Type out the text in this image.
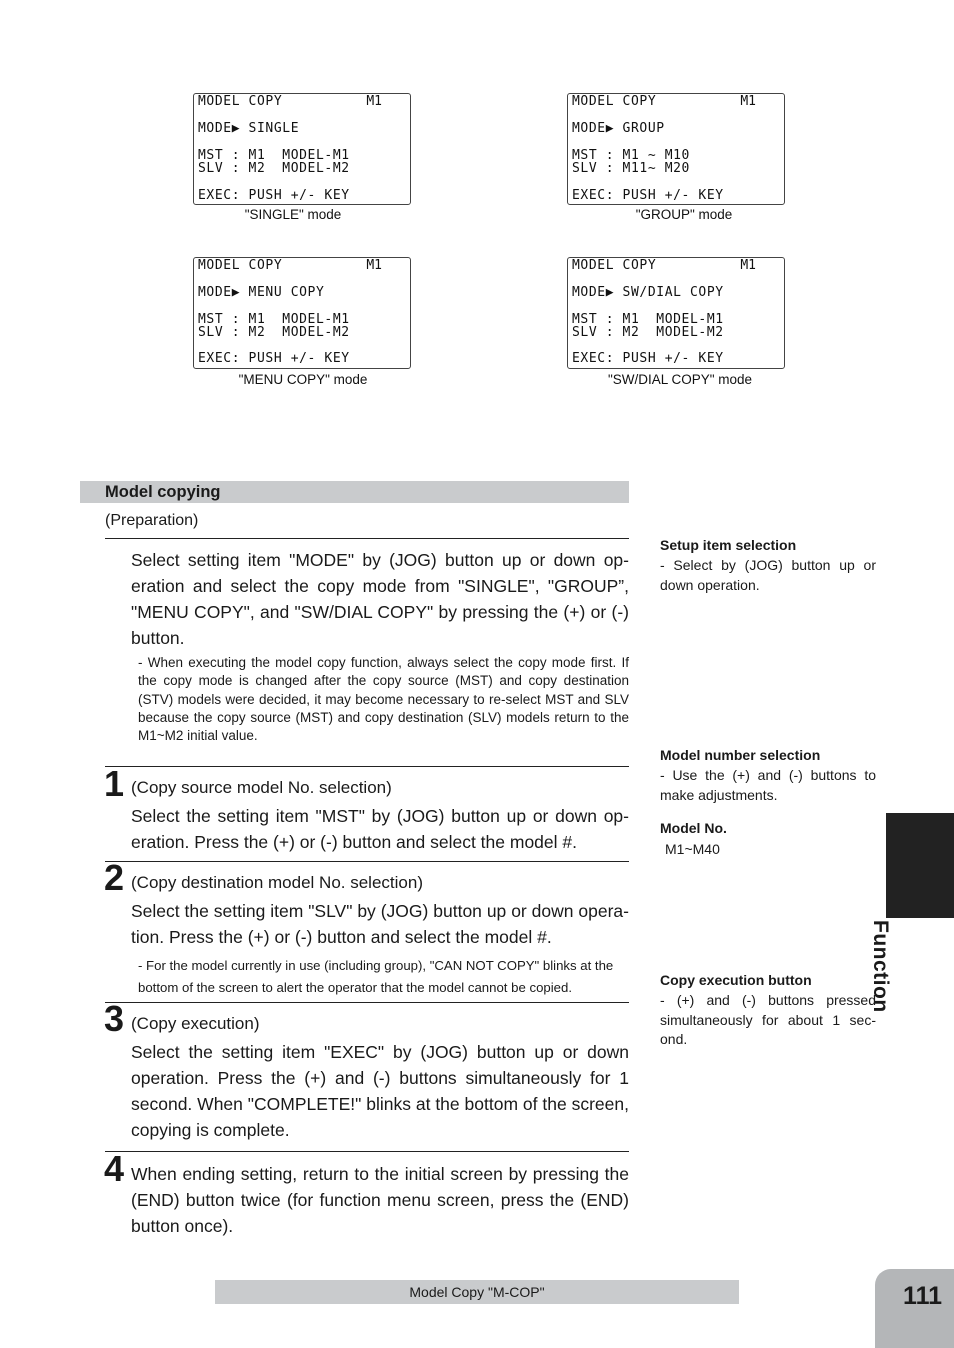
MODEL COPY	M1
MODE▶ SINGLE
MST : M1  MODEL-M1
SLV : M2  MODEL-M2
EXEC: PUSH +/- KEY
"SINGLE" mode
MODEL COPY	M1
MODE▶ GROUP
MST : M1 ~ M10
SLV : M11~ M20
EXEC: PUSH +/- KEY
"GROUP" mode
MODEL COPY	M1
MODE▶ MENU COPY
MST : M1  MODEL-M1
SLV : M2  MODEL-M2
EXEC: PUSH +/- KEY
"MENU COPY" mode
MODEL COPY	M1
MODE▶ SW/DIAL COPY
MST : M1  MODEL-M1
SLV : M2  MODEL-M2
EXEC: PUSH +/- KEY
"SW/DIAL COPY" mode
Model copying
(Preparation)
Select setting item "MODE" by (JOG) button up or down op-eration and select the copy mode from "SINGLE", "GROUP”, "MENU COPY", and "SW/DIAL COPY" by pressing the (+) or (-) button.
- When executing the model copy function, always select the copy mode first. If the copy mode is changed after the copy source (MST) and copy destination (STV) models were decided, it may become necessary to re-select MST and SLV because the copy source (MST) and copy destination (SLV) models return to the M1~M2 initial value.
1 (Copy source model No. selection)
Select the setting item "MST" by (JOG) button up or down op-eration. Press the (+) or (-) button and select the model #.
2 (Copy destination model No. selection)
Select the setting item "SLV" by (JOG) button up or down opera-tion. Press the (+) or (-) button and select the model #.
- For the model currently in use (including group), "CAN NOT COPY" blinks at the bottom of the screen to alert the operator that the model cannot be copied.
3 (Copy execution)
Select the setting item "EXEC" by (JOG) button up or down operation. Press the (+) and (-) buttons simultaneously for 1 second. When "COMPLETE!" blinks at the bottom of the screen, copying is complete.
4 When ending setting, return to the initial screen by pressing the (END) button twice (for function menu screen, press the (END) button once).
Setup item selection
- Select by (JOG) button up or down operation.
Model number selection
- Use the (+) and (-) buttons to make adjustments.
Model No.
M1~M40
Copy execution button
- (+) and (-) buttons pressed simultaneously for about 1 sec-ond.
Function
Model Copy "M-COP"	111
